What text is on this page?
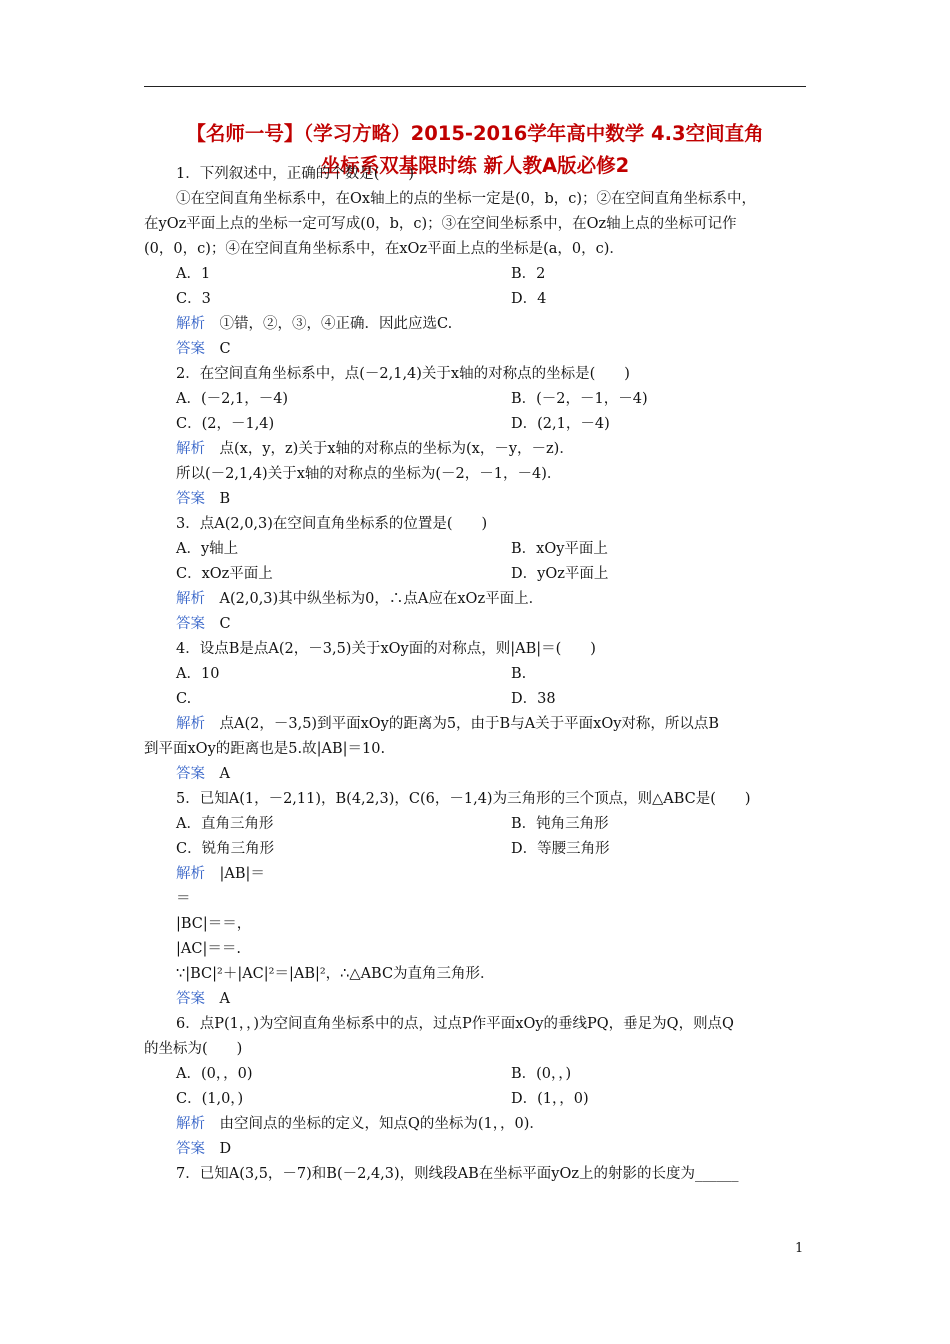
【名师一号】（学习方略）2015-2016学年高中数学 4.3空间直角
坐标系双基限时练 新人教A版必修2
1．下列叙述中，正确的个数是(　　)
①在空间直角坐标系中，在Ox轴上的点的坐标一定是(0，b，c)；②在空间直角坐标系中，
在yOz平面上点的坐标一定可写成(0，b，c)；③在空间坐标系中，在Oz轴上点的坐标可记作
(0，0，c)；④在空间直角坐标系中，在xOz平面上点的坐标是(a，0，c)．
A．1	B．2
C．3	D．4
解析　①错，②，③，④正确．因此应选C.
答案　C
2．在空间直角坐标系中，点(－2,1,4)关于x轴的对称点的坐标是(　　)
A．(－2,1，－4)	B．(－2，－1，－4)
C．(2，－1,4)	D．(2,1，－4)
解析　点(x，y，z)关于x轴的对称点的坐标为(x，－y，－z)．
所以(－2,1,4)关于x轴的对称点的坐标为(－2，－1，－4)．
答案　B
3．点A(2,0,3)在空间直角坐标系的位置是(　　)
A．y轴上	B．xOy平面上
C．xOz平面上	D．yOz平面上
解析　A(2,0,3)其中纵坐标为0，∴点A应在xOz平面上．
答案　C
4．设点B是点A(2，－3,5)关于xOy面的对称点，则|AB|＝(　　)
A．10	B.
C.	D．38
解析　点A(2，－3,5)到平面xOy的距离为5，由于B与A关于平面xOy对称，所以点B
到平面xOy的距离也是5.故|AB|＝10.
答案　A
5．已知A(1，－2,11)，B(4,2,3)，C(6，－1,4)为三角形的三个顶点，则△ABC是(　　)
A．直角三角形	B．钝角三角形
C．锐角三角形	D．等腰三角形
解析　|AB|＝
＝
|BC|＝＝，
|AC|＝＝.
∵|BC|²＋|AC|²＝|AB|²，∴△ABC为直角三角形．
答案　A
6．点P(1，，)为空间直角坐标系中的点，过点P作平面xOy的垂线PQ，垂足为Q，则点Q
的坐标为(　　)
A．(0，，0)	B．(0，，)
C．(1,0，)	D．(1，，0)
解析　由空间点的坐标的定义，知点Q的坐标为(1，，0)．
答案　D
7．已知A(3,5，－7)和B(－2,4,3)，则线段AB在坐标平面yOz上的射影的长度为______
1
